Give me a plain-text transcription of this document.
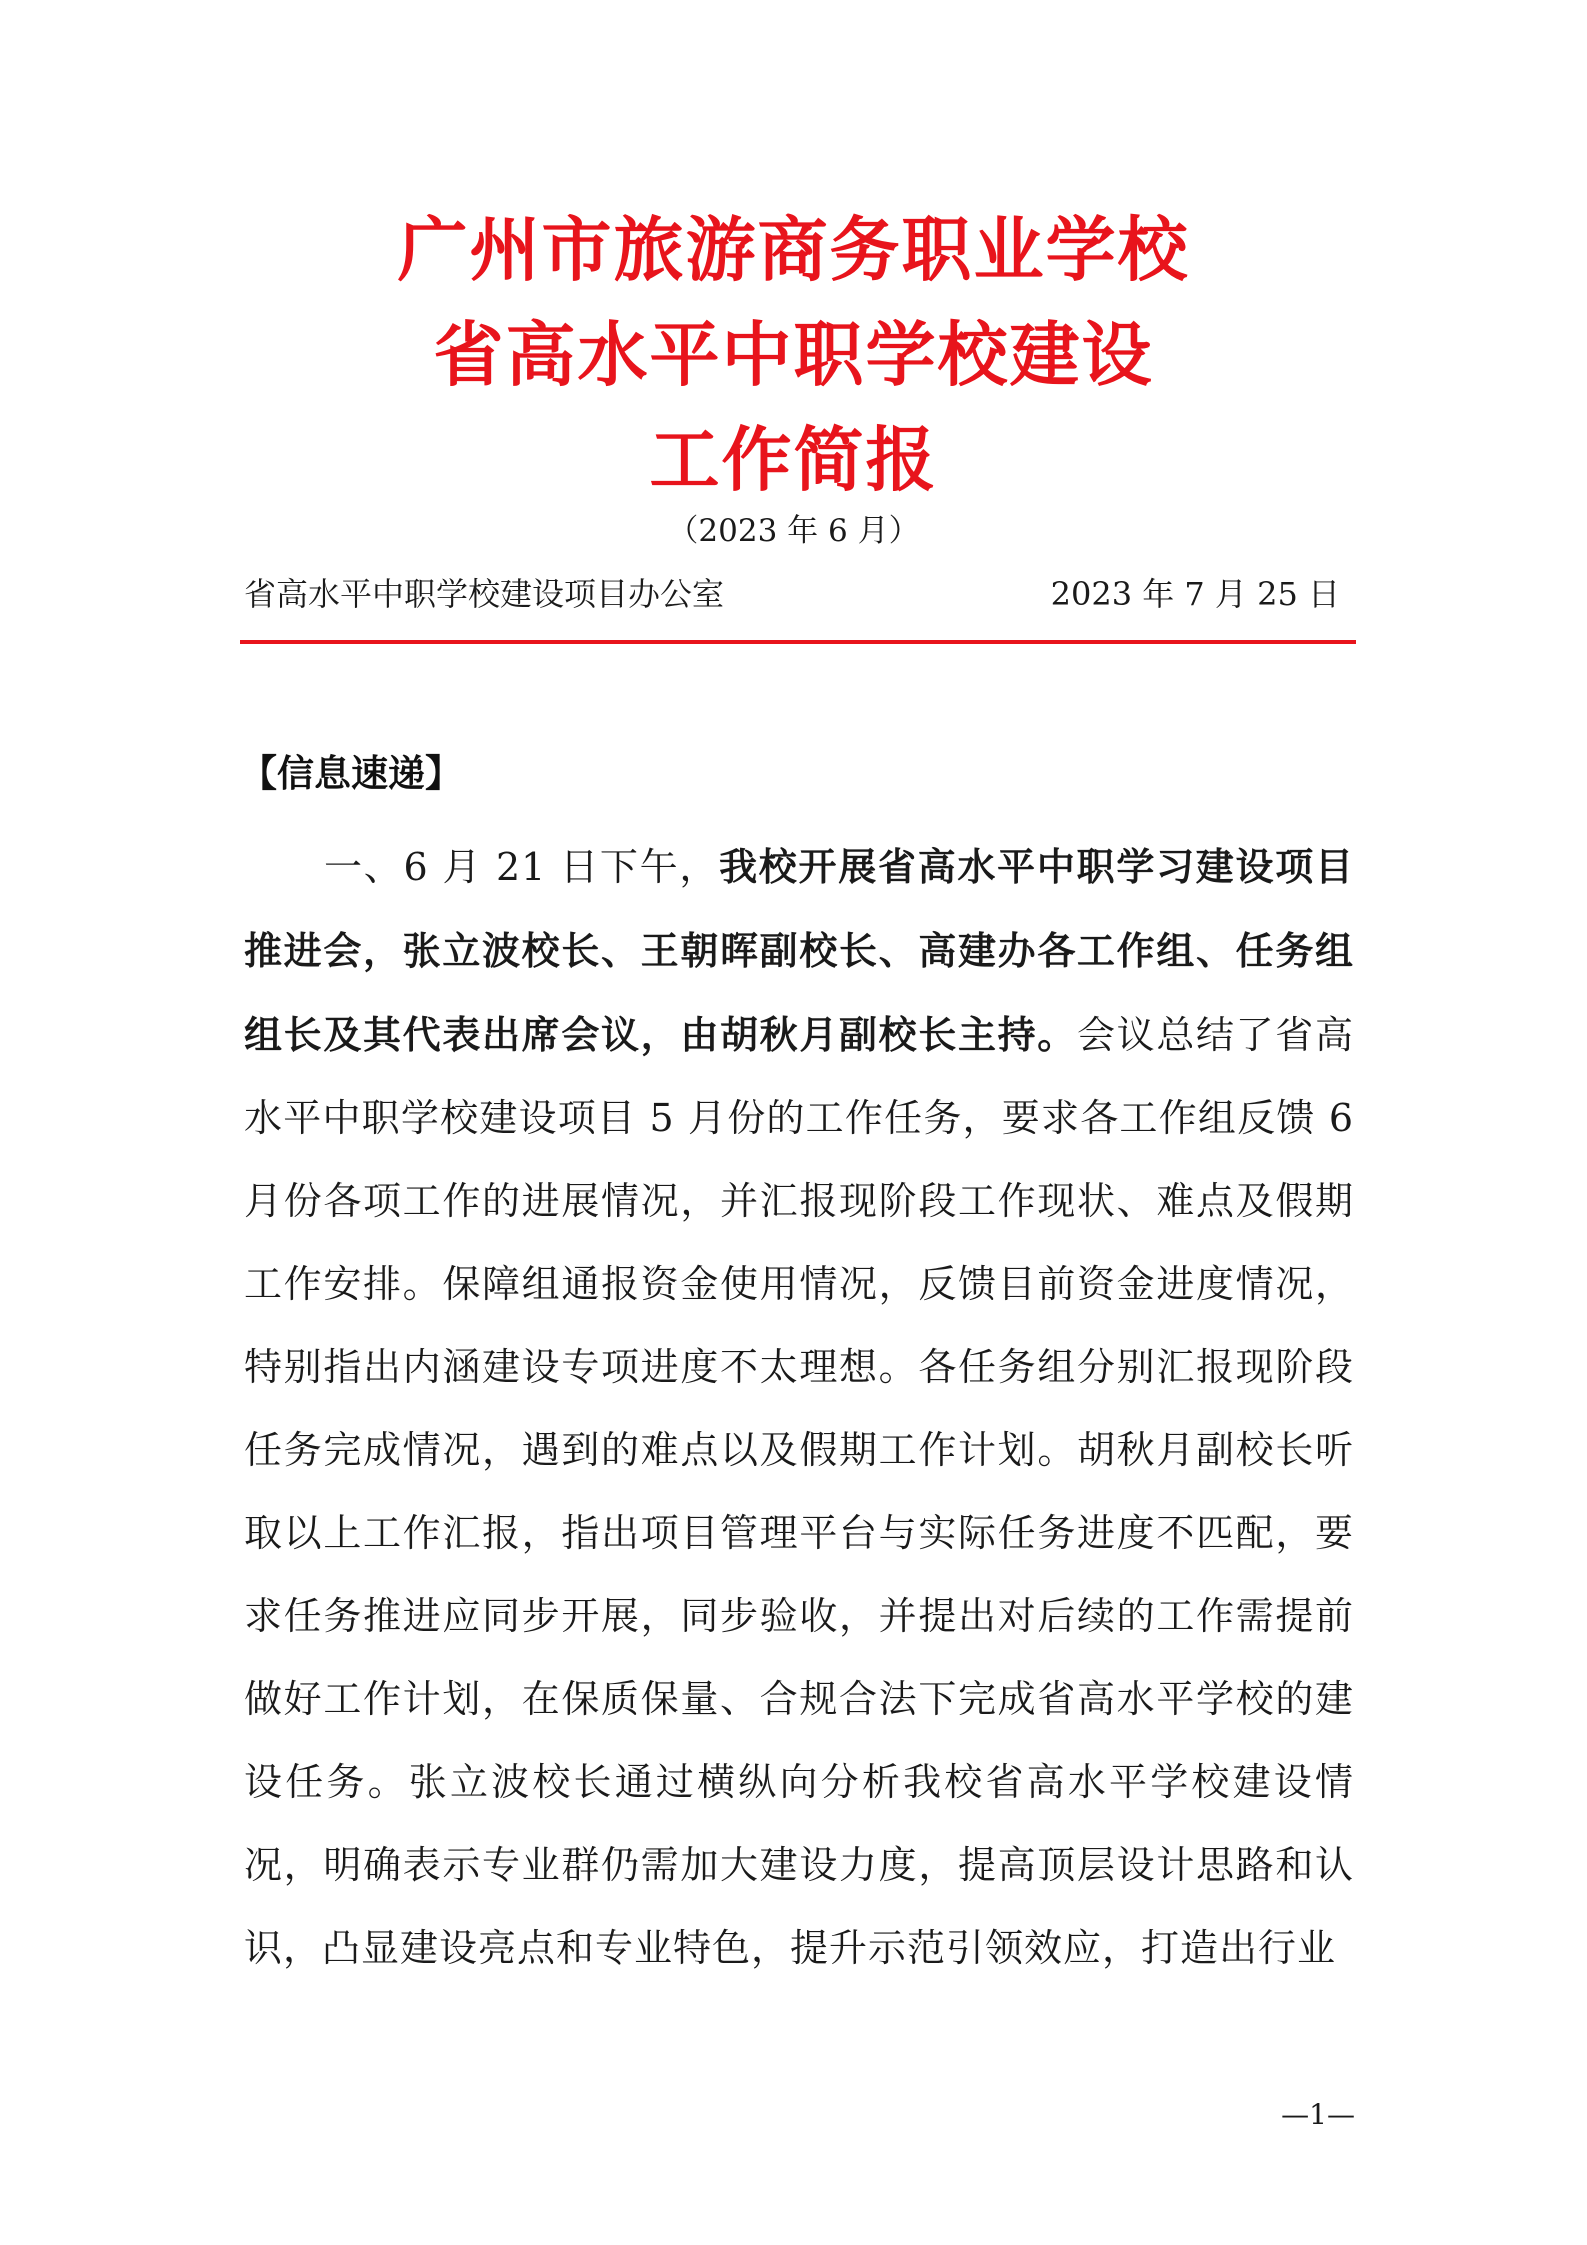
广州市旅游商务职业学校
省高水平中职学校建设
工作简报
（2023 年 6 月）
省高水平中职学校建设项目办公室	2023 年 7 月 25 日
【信息速递】
一、6 月 21 日下午，我校开展省高水平中职学习建设项目推进会，张立波校长、王朝晖副校长、高建办各工作组、任务组组长及其代表出席会议，由胡秋月副校长主持。会议总结了省高水平中职学校建设项目 5 月份的工作任务，要求各工作组反馈 6 月份各项工作的进展情况，并汇报现阶段工作现状、难点及假期工作安排。保障组通报资金使用情况，反馈目前资金进度情况，特别指出内涵建设专项进度不太理想。各任务组分别汇报现阶段任务完成情况，遇到的难点以及假期工作计划。胡秋月副校长听取以上工作汇报，指出项目管理平台与实际任务进度不匹配，要求任务推进应同步开展，同步验收，并提出对后续的工作需提前做好工作计划，在保质保量、合规合法下完成省高水平学校的建设任务。张立波校长通过横纵向分析我校省高水平学校建设情况，明确表示专业群仍需加大建设力度，提高顶层设计思路和认识，凸显建设亮点和专业特色，提升示范引领效应，打造出行业
—1—
